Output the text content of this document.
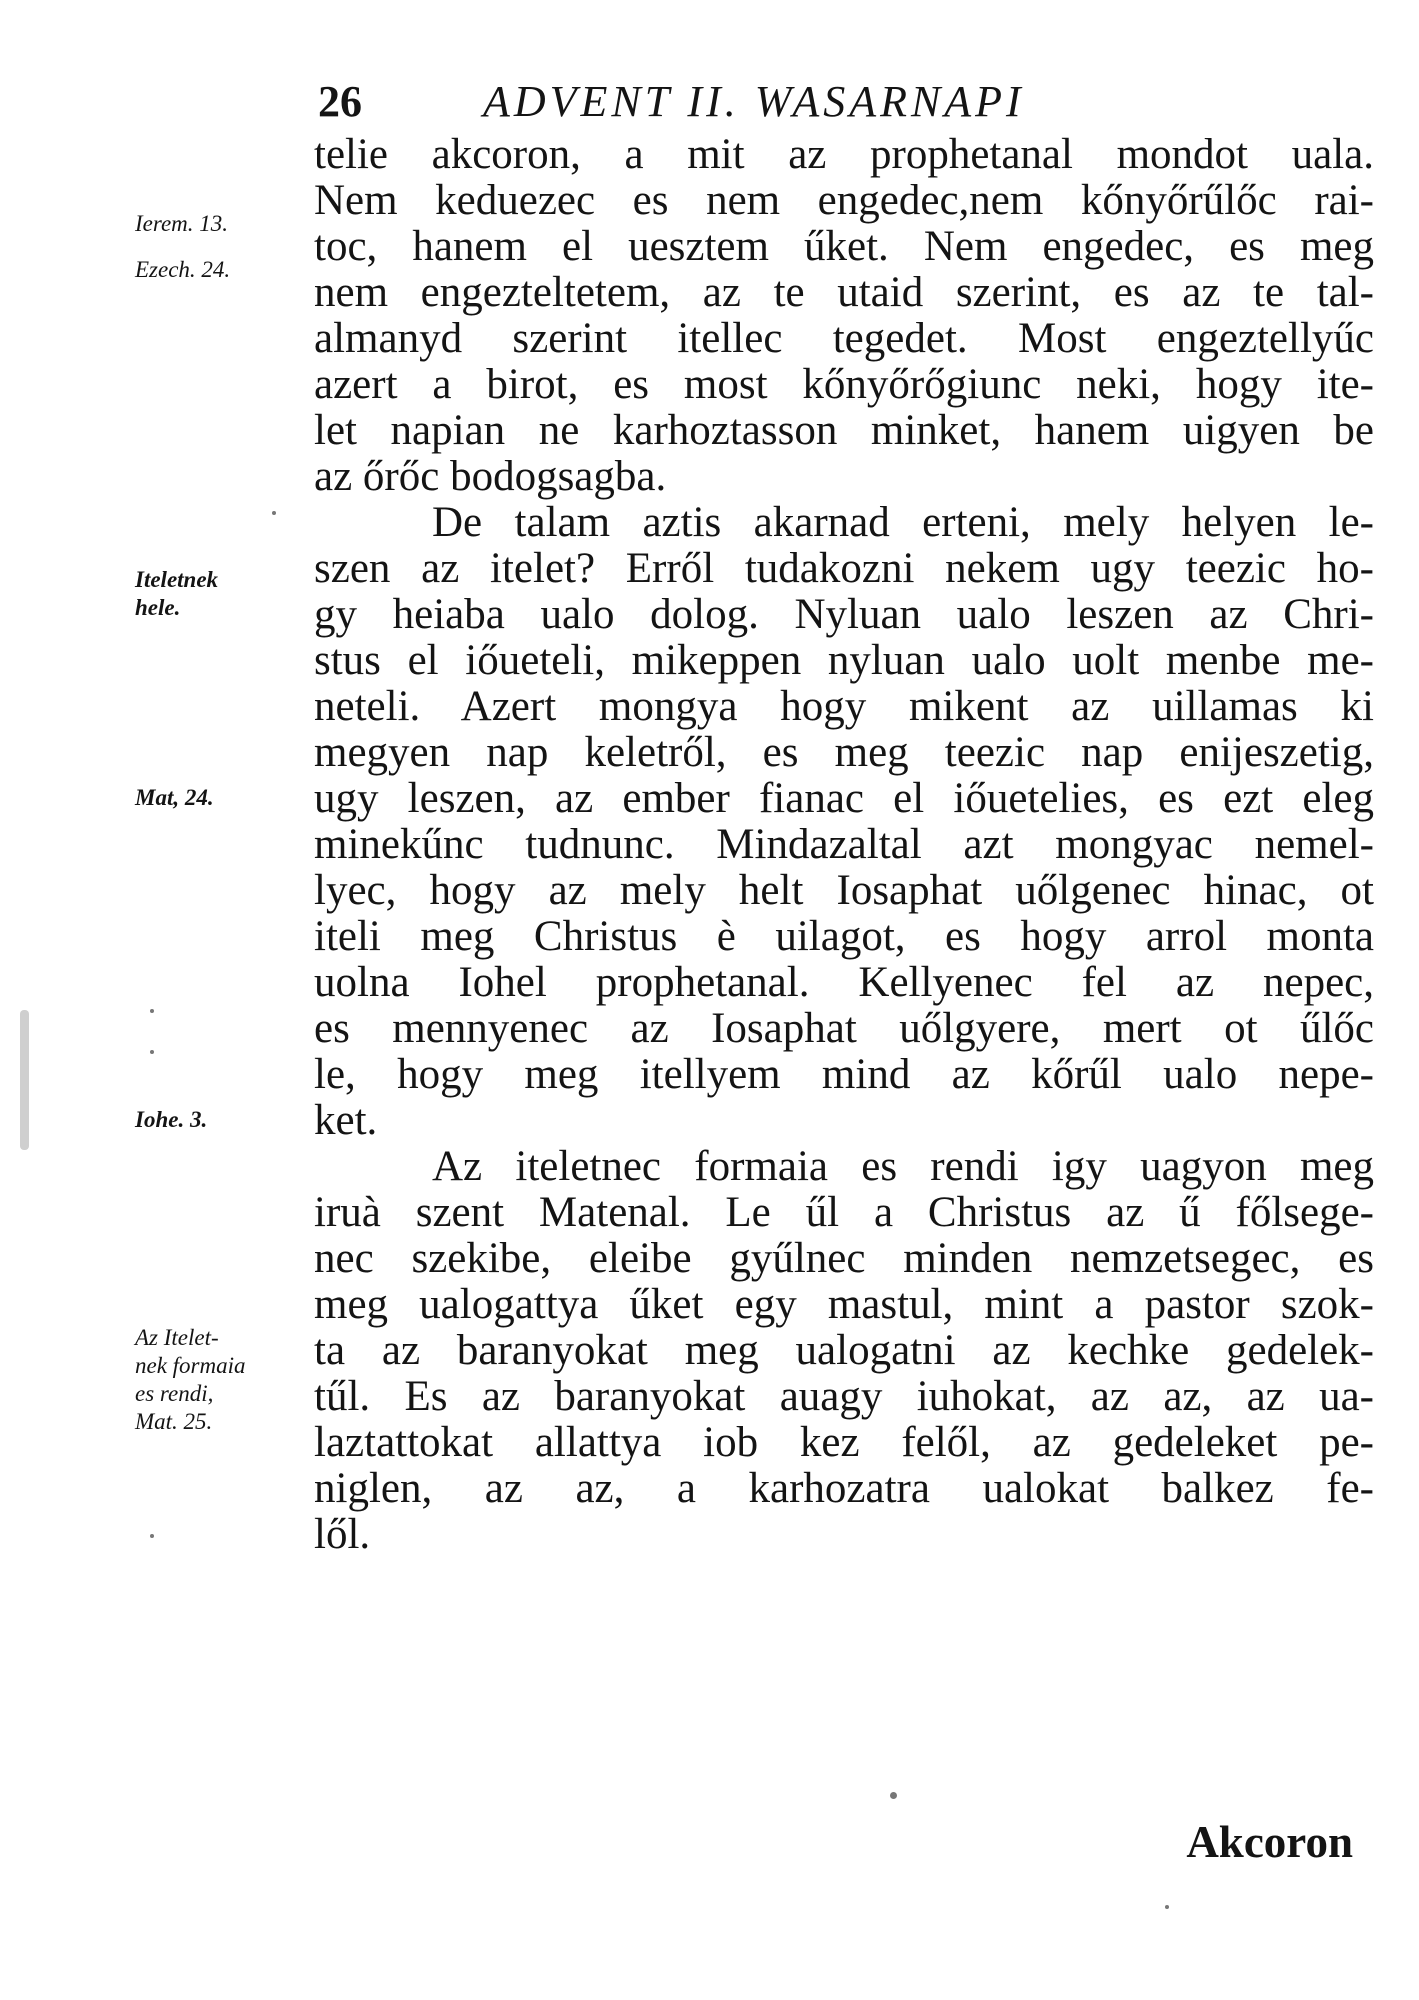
26	ADVENT II. WASARNAPI
Ierem. 13.
Ezech. 24.
Iteletnek
hele.
Mat, 24.
Iohe. 3.
Az Itelet-
nek formaia
es rendi,
Mat. 25.
telie akcoron, a mit az prophetanal mondot uala.
Nem keduezec es nem engedec,nem kőnyőrűlőc rai-
toc, hanem el uesztem űket. Nem engedec, es meg
nem engezteltetem, az te utaid szerint, es az te tal-
almanyd szerint itellec tegedet. Most engeztellyűc
azert a birot, es most kőnyőrőgiunc neki, hogy ite-
let napian ne karhoztasson minket, hanem uigyen be
az őrőc bodogsagba.
De talam aztis akarnad erteni, mely helyen le-
szen az itelet? Erről tudakozni nekem ugy teezic ho-
gy heiaba ualo dolog. Nyluan ualo leszen az Chri-
stus el iőueteli, mikeppen nyluan ualo uolt menbe me-
neteli. Azert mongya hogy mikent az uillamas ki
megyen nap keletről, es meg teezic nap enijeszetig,
ugy leszen, az ember fianac el iőuetelies, es ezt eleg
minekűnc tudnunc. Mindazaltal azt mongyac nemel-
lyec, hogy az mely helt Iosaphat uőlgenec hinac, ot
iteli meg Christus è uilagot, es hogy arrol monta
uolna Iohel prophetanal. Kellyenec fel az nepec,
es mennyenec az Iosaphat uőlgyere, mert ot űlőc
le, hogy meg itellyem mind az kőrűl ualo nepe-
ket.
Az iteletnec formaia es rendi igy uagyon meg
iruà szent Matenal. Le űl a Christus az ű főlsege-
nec szekibe, eleibe gyűlnec minden nemzetsegec, es
meg ualogattya űket egy mastul, mint a pastor szok-
ta az baranyokat meg ualogatni az kechke gedelek-
tűl. Es az baranyokat auagy iuhokat, az az, az ua-
laztattokat allattya iob kez felől, az gedeleket pe-
niglen, az az, a karhozatra ualokat balkez fe-
lől.
Akcoron
